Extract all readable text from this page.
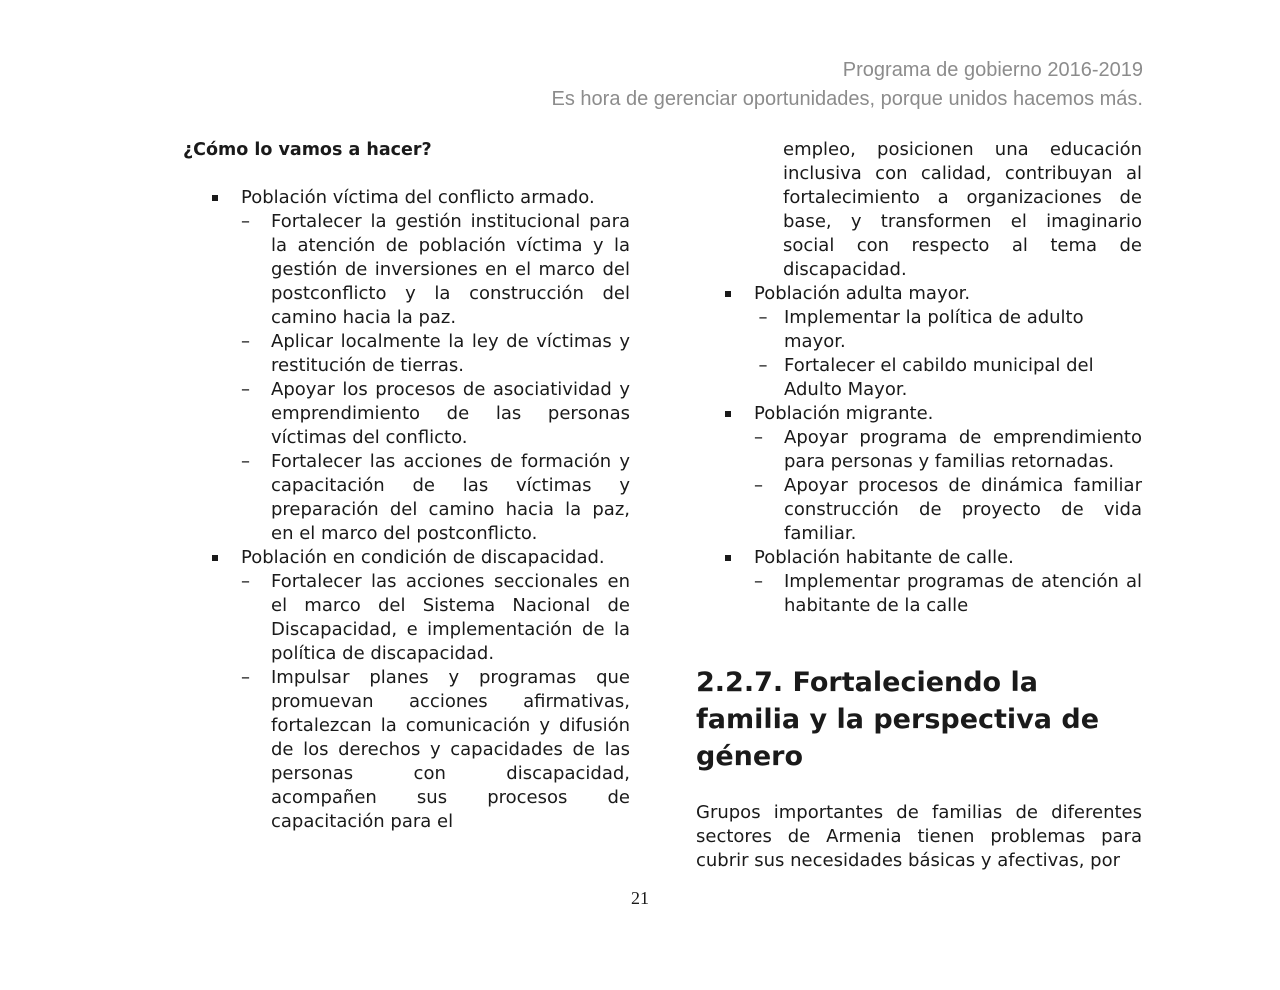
Programa de gobierno 2016-2019
Es hora de gerenciar oportunidades, porque unidos hacemos más.
¿Cómo lo vamos a hacer?
Población víctima del conflicto armado.
–	Fortalecer la gestión institucional para la atención de población víctima y la gestión de inversiones en el marco del postconflicto y la construcción del camino hacia la paz.
–	Aplicar localmente la ley de víctimas y restitución de tierras.
–	Apoyar los procesos de asociatividad y emprendimiento de las personas víctimas del conflicto.
–	Fortalecer las acciones de formación y capacitación de las víctimas y preparación del camino hacia la paz, en el marco del postconflicto.
Población en condición de discapacidad.
–	Fortalecer las acciones seccionales en el marco del Sistema Nacional de Discapacidad, e implementación de la política de discapacidad.
–	Impulsar planes y programas que promuevan acciones afirmativas, fortalezcan la comunicación y difusión de los derechos y capacidades de las personas con discapacidad, acompañen sus procesos de capacitación para el
empleo, posicionen una educación inclusiva con calidad, contribuyan al fortalecimiento a organizaciones de base, y transformen el imaginario social con respecto al tema de discapacidad.
Población adulta mayor.
– Implementar la política de adulto mayor.
– Fortalecer el cabildo municipal del Adulto Mayor.
Población migrante.
–	Apoyar programa de emprendimiento para personas y familias retornadas.
–	Apoyar procesos de dinámica familiar construcción de proyecto de vida familiar.
Población habitante de calle.
–	Implementar programas de atención al habitante de la calle
2.2.7. Fortaleciendo la familia y la perspectiva de género

Grupos importantes de familias de diferentes sectores de Armenia tienen problemas para cubrir sus necesidades básicas y afectivas, por

21
